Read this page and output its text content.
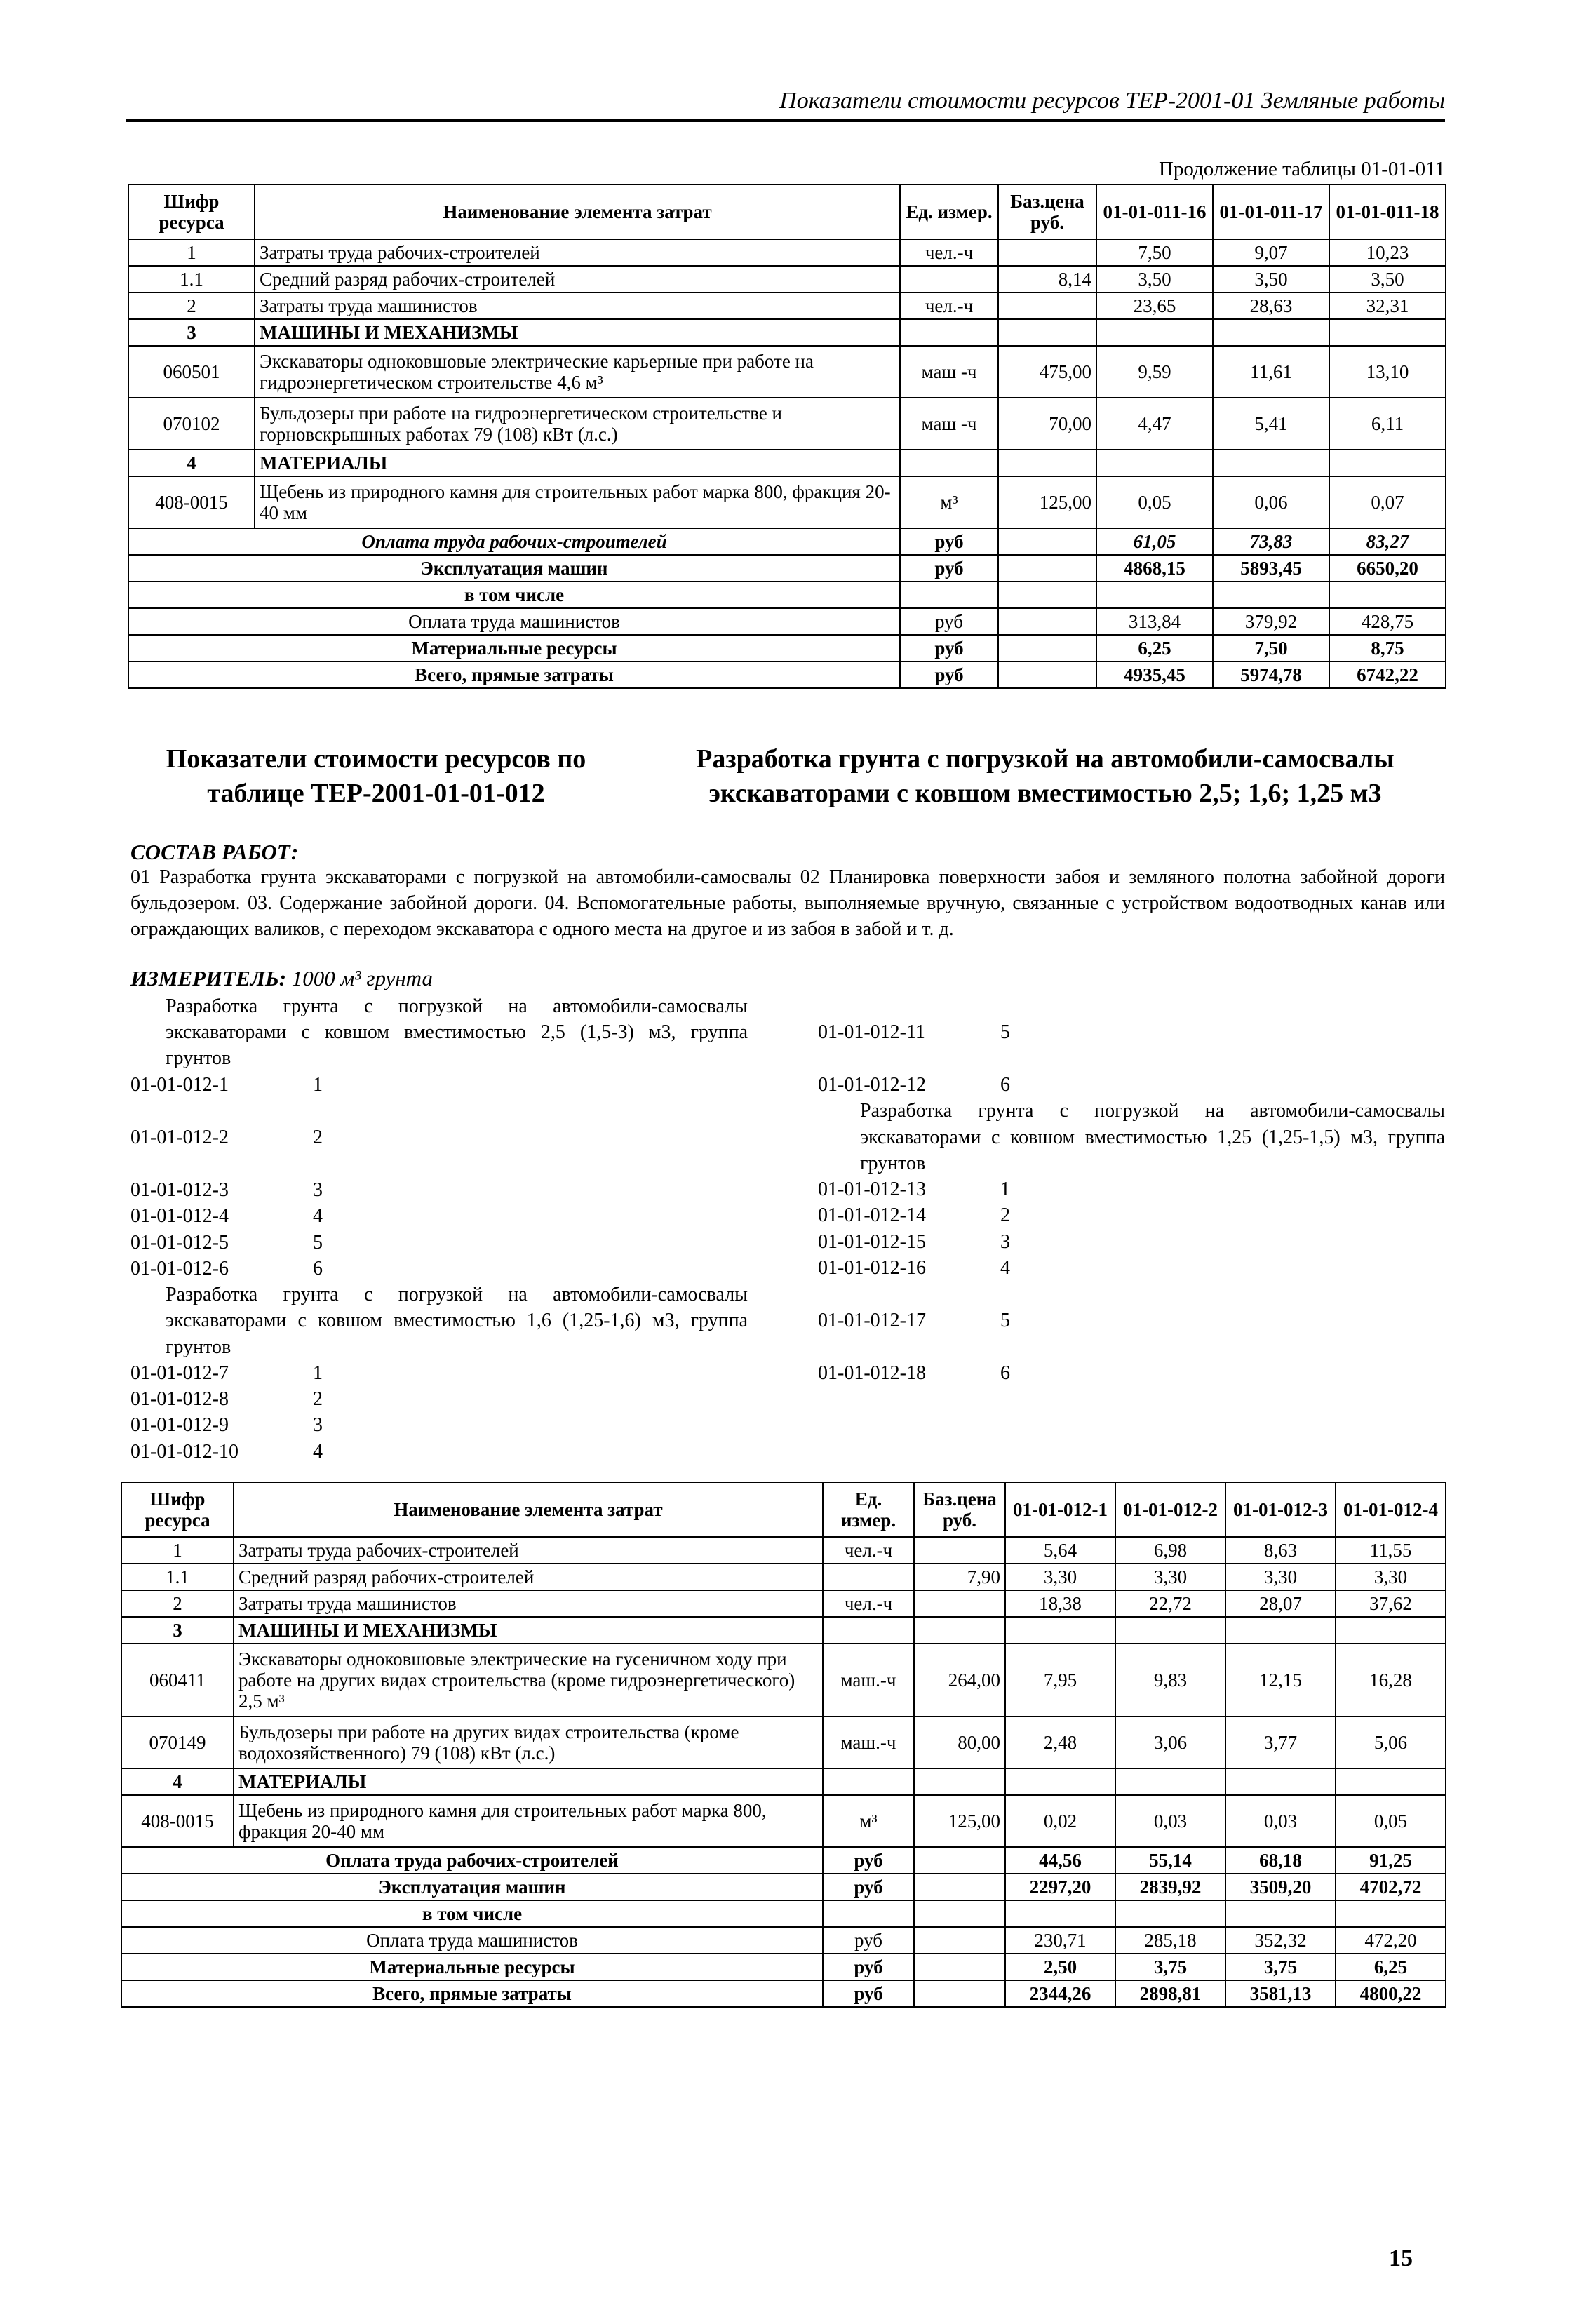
Показатели стоимости ресурсов ТЕР-2001-01 Земляные работы
Продолжение таблицы 01-01-011
Шифр ресурса	Наименование элемента затрат	Ед. измер.	Баз.цена руб.	01-01-011-16	01-01-011-17	01-01-011-18
1	Затраты труда рабочих-строителей	чел.-ч		7,50	9,07	10,23
1.1	Средний разряд рабочих-строителей		8,14	3,50	3,50	3,50
2	Затраты труда машинистов	чел.-ч		23,65	28,63	32,31
3	МАШИНЫ И МЕХАНИЗМЫ					
060501	Экскаваторы одноковшовые электрические карьерные при работе на гидроэнергетическом строительстве 4,6 м³	маш -ч	475,00	9,59	11,61	13,10
070102	Бульдозеры при работе на гидроэнергетическом строительстве и горновскрышных работах 79 (108) кВт (л.с.)	маш -ч	70,00	4,47	5,41	6,11
4	МАТЕРИАЛЫ					
408-0015	Щебень из природного камня для строительных работ марка 800, фракция 20-40 мм	м³	125,00	0,05	0,06	0,07
Оплата труда рабочих-строителей		руб		61,05	73,83	83,27
Эксплуатация машин		руб		4868,15	5893,45	6650,20
в том числе						
Оплата труда машинистов		руб		313,84	379,92	428,75
Материальные ресурсы		руб		6,25	7,50	8,75
Всего, прямые затраты		руб		4935,45	5974,78	6742,22
Показатели стоимости ресурсов по таблице ТЕР-2001-01-01-012
Разработка грунта с погрузкой на автомобили-самосвалы экскаваторами с ковшом вместимостью 2,5; 1,6; 1,25 м3
СОСТАВ РАБОТ:
01 Разработка грунта экскаваторами с погрузкой на автомобили-самосвалы 02 Планировка поверхности забоя и земляного полотна забойной дороги бульдозером. 03. Содержание забойной дороги. 04. Вспомогательные работы, выполняемые вручную, связанные с устройством водоотводных канав или ограждающих валиков, с переходом экскаватора с одного места на другое и из забоя в забой и т. д.
ИЗМЕРИТЕЛЬ: 1000 м³ грунта
Разработка грунта с погрузкой на автомобили-самосвалы экскаваторами с ковшом вместимостью 2,5 (1,5-3) м3, группа грунтов
01-01-012-1	1
01-01-012-2	2
01-01-012-3	3
01-01-012-4	4
01-01-012-5	5
01-01-012-6	6
Разработка грунта с погрузкой на автомобили-самосвалы экскаваторами с ковшом вместимостью 1,6 (1,25-1,6) м3, группа грунтов
01-01-012-7	1
01-01-012-8	2
01-01-012-9	3
01-01-012-10	4
01-01-012-11	5
01-01-012-12	6
Разработка грунта с погрузкой на автомобили-самосвалы экскаваторами с ковшом вместимостью 1,25 (1,25-1,5) м3, группа грунтов
01-01-012-13	1
01-01-012-14	2
01-01-012-15	3
01-01-012-16	4
01-01-012-17	5
01-01-012-18	6
Шифр ресурса	Наименование элемента затрат	Ед. измер.	Баз.цена руб.	01-01-012-1	01-01-012-2	01-01-012-3	01-01-012-4
1	Затраты труда рабочих-строителей	чел.-ч		5,64	6,98	8,63	11,55
1.1	Средний разряд рабочих-строителей		7,90	3,30	3,30	3,30	3,30
2	Затраты труда машинистов	чел.-ч		18,38	22,72	28,07	37,62
3	МАШИНЫ И МЕХАНИЗМЫ						
060411	Экскаваторы одноковшовые электрические на гусеничном ходу при работе на других видах строительства (кроме гидроэнергетического) 2,5 м³	маш.-ч	264,00	7,95	9,83	12,15	16,28
070149	Бульдозеры при работе на других видах строительства (кроме водохозяйственного) 79 (108) кВт (л.с.)	маш.-ч	80,00	2,48	3,06	3,77	5,06
4	МАТЕРИАЛЫ						
408-0015	Щебень из природного камня для строительных работ марка 800, фракция 20-40 мм	м³	125,00	0,02	0,03	0,03	0,05
Оплата труда рабочих-строителей		руб		44,56	55,14	68,18	91,25
Эксплуатация машин		руб		2297,20	2839,92	3509,20	4702,72
в том числе							
Оплата труда машинистов		руб		230,71	285,18	352,32	472,20
Материальные ресурсы		руб		2,50	3,75	3,75	6,25
Всего, прямые затраты		руб		2344,26	2898,81	3581,13	4800,22
15
